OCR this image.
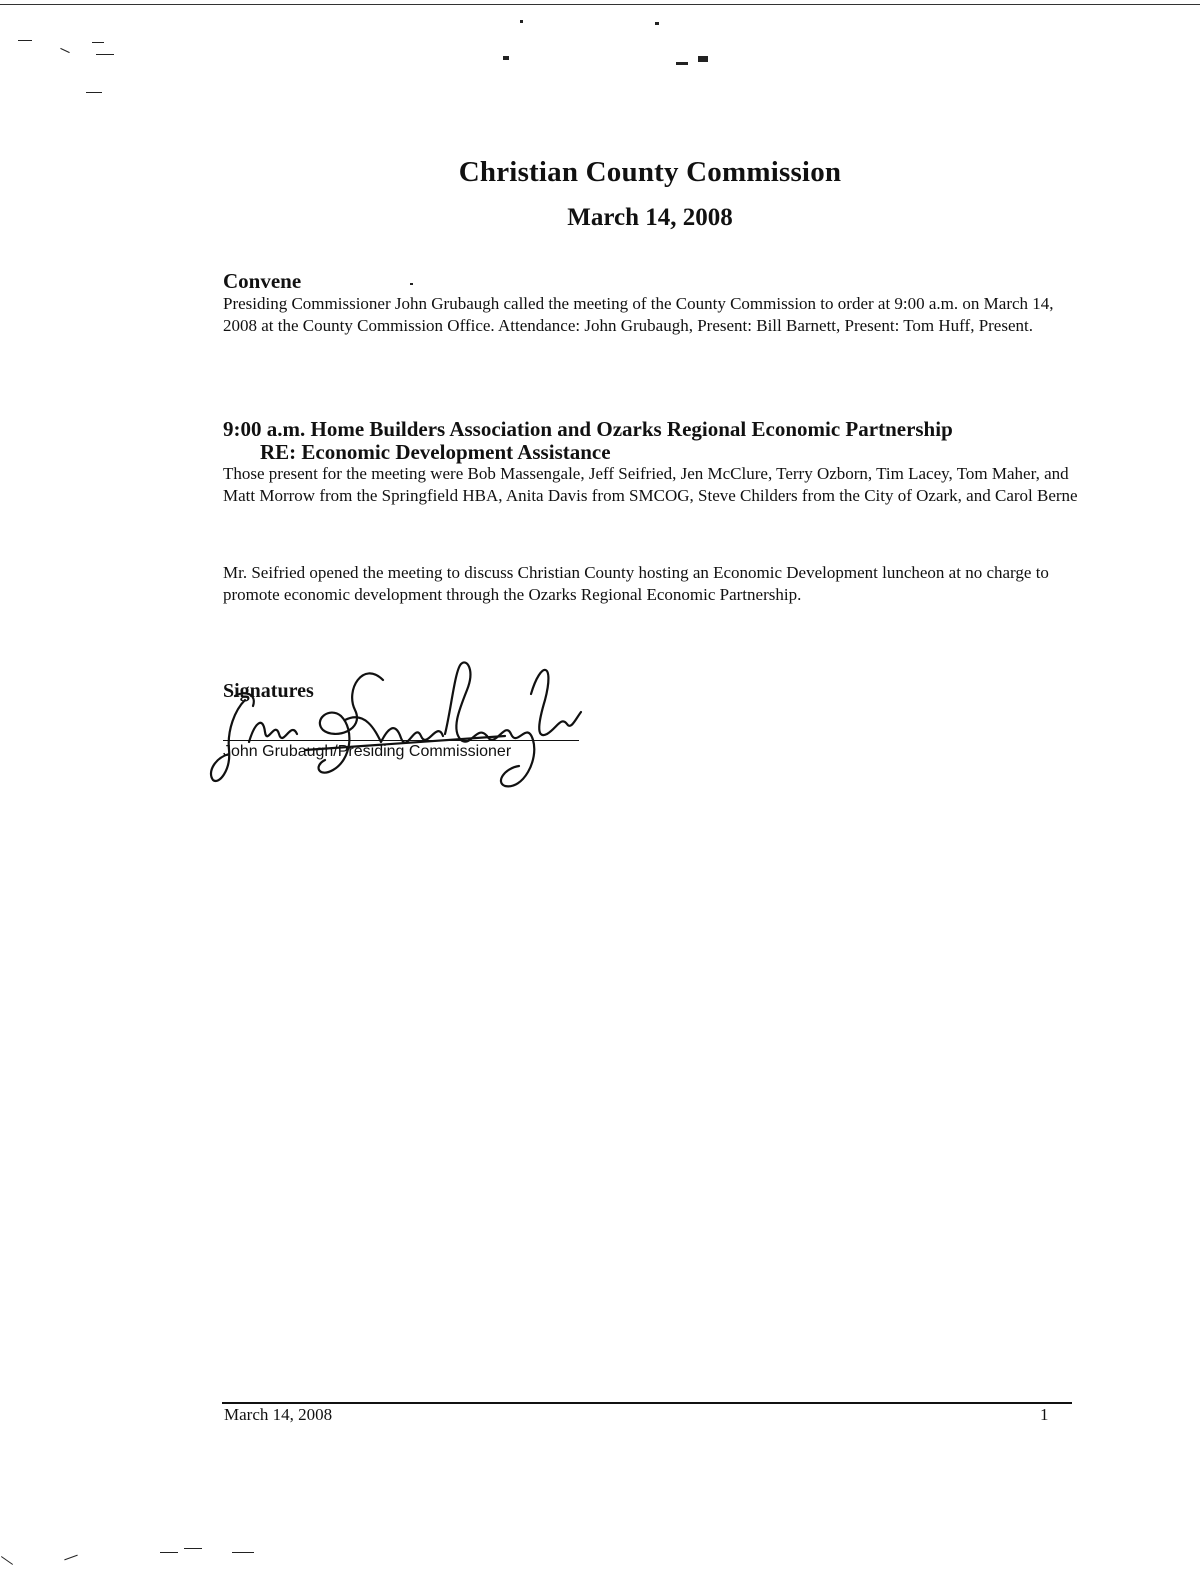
Christian County Commission
March 14, 2008

Convene

Presiding Commissioner John Grubaugh called the meeting of the County Commission to order at 9:00 a.m. on March 14, 2008 at the County Commission Office. Attendance: John Grubaugh, Present: Bill Barnett, Present: Tom Huff, Present.

9:00 a.m. Home Builders Association and Ozarks Regional Economic Partnership

RE: Economic Development Assistance

Those present for the meeting were Bob Massengale, Jeff Seifried, Jen McClure, Terry Ozborn, Tim Lacey, Tom Maher, and Matt Morrow from the Springfield HBA, Anita Davis from SMCOG, Steve Childers from the City of Ozark, and Carol Berne

Mr. Seifried opened the meeting to discuss Christian County hosting an Economic Development luncheon at no charge to promote economic development through the Ozarks Regional Economic Partnership.

Signatures
John Grubaugh/Presiding Commissioner
March 14, 2008	1
